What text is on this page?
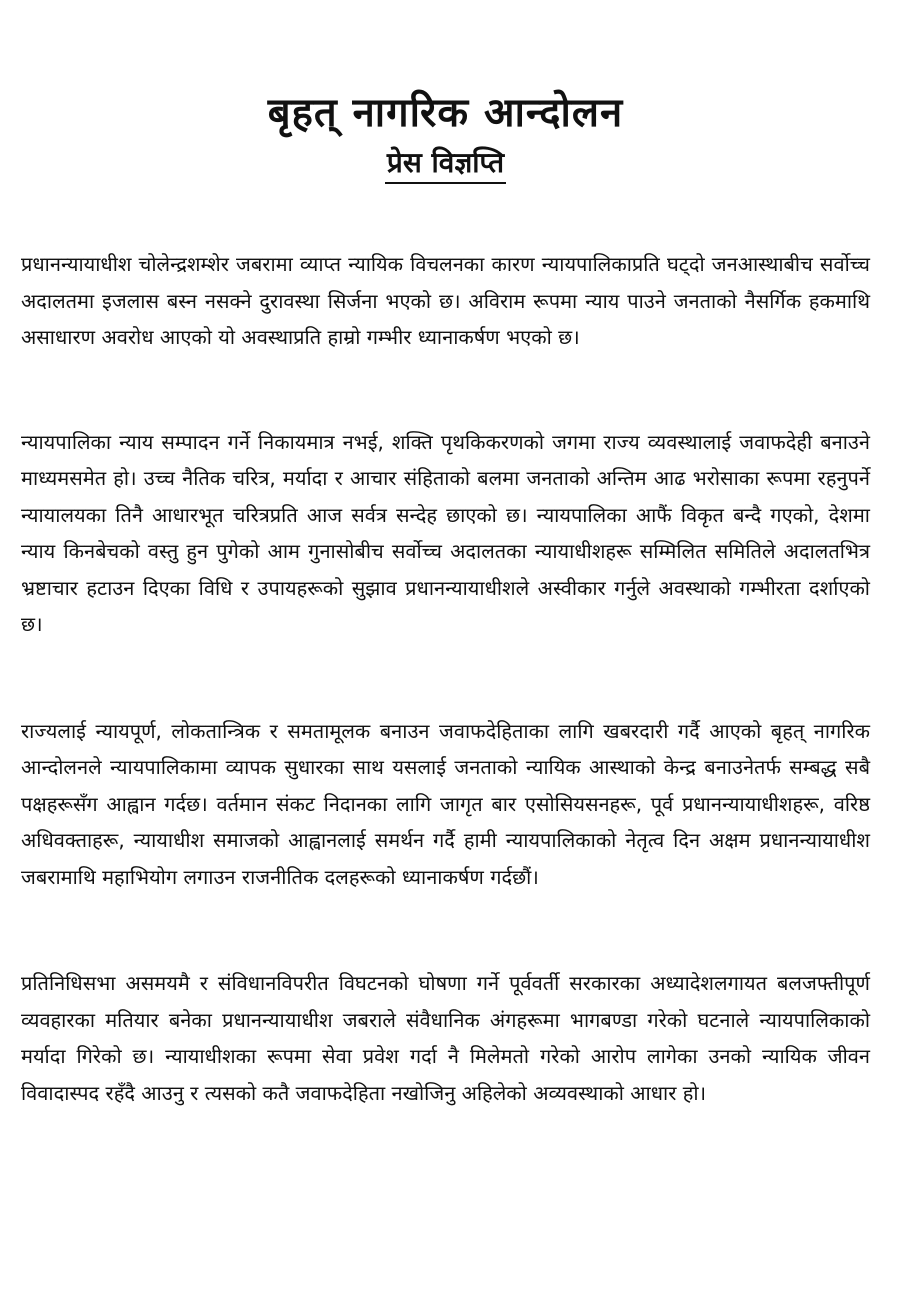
बृहत् नागरिक आन्दोलन
प्रेस विज्ञप्ति

प्रधानन्यायाधीश चोलेन्द्रशम्शेर जबरामा व्याप्त न्यायिक विचलनका कारण न्यायपालिकाप्रति घट्दो जनआस्थाबीच सर्वोच्च अदालतमा इजलास बस्न नसक्ने दुरावस्था सिर्जना भएको छ। अविराम रूपमा न्याय पाउने जनताको नैसर्गिक हकमाथि असाधारण अवरोध आएको यो अवस्थाप्रति हाम्रो गम्भीर ध्यानाकर्षण भएको छ।

न्यायपालिका न्याय सम्पादन गर्ने निकायमात्र नभई, शक्ति पृथकिकरणको जगमा राज्य व्यवस्थालाई जवाफदेही बनाउने माध्यमसमेत हो। उच्च नैतिक चरित्र, मर्यादा र आचार संहिताको बलमा जनताको अन्तिम आढ भरोसाका रूपमा रहनुपर्ने न्यायालयका तिनै आधारभूत चरित्रप्रति आज सर्वत्र सन्देह छाएको छ। न्यायपालिका आफैं विकृत बन्दै गएको, देशमा न्याय किनबेचको वस्तु हुन पुगेको आम गुनासोबीच सर्वोच्च अदालतका न्यायाधीशहरू सम्मिलित समितिले अदालतभित्र भ्रष्टाचार हटाउन दिएका विधि र उपायहरूको सुझाव प्रधानन्यायाधीशले अस्वीकार गर्नुले अवस्थाको गम्भीरता दर्शाएको छ।

राज्यलाई न्यायपूर्ण, लोकतान्त्रिक र समतामूलक बनाउन जवाफदेहिताका लागि खबरदारी गर्दै आएको बृहत् नागरिक आन्दोलनले न्यायपालिकामा व्यापक सुधारका साथ यसलाई जनताको न्यायिक आस्थाको केन्द्र बनाउनेतर्फ सम्बद्ध सबै पक्षहरूसँग आह्वान गर्दछ। वर्तमान संकट निदानका लागि जागृत बार एसोसियसनहरू, पूर्व प्रधानन्यायाधीशहरू, वरिष्ठ अधिवक्ताहरू, न्यायाधीश समाजको आह्वानलाई समर्थन गर्दै हामी न्यायपालिकाको नेतृत्व दिन अक्षम प्रधानन्यायाधीश जबरामाथि महाभियोग लगाउन राजनीतिक दलहरूको ध्यानाकर्षण गर्दछौं।

प्रतिनिधिसभा असमयमै र संविधानविपरीत विघटनको घोषणा गर्ने पूर्ववर्ती सरकारका अध्यादेशलगायत बलजफ्तीपूर्ण व्यवहारका मतियार बनेका प्रधानन्यायाधीश जबराले संवैधानिक अंगहरूमा भागबण्डा गरेको घटनाले न्यायपालिकाको मर्यादा गिरेको छ। न्यायाधीशका रूपमा सेवा प्रवेश गर्दा नै मिलेमतो गरेको आरोप लागेका उनको न्यायिक जीवन विवादास्पद रहँदै आउनु र त्यसको कतै जवाफदेहिता नखोजिनु अहिलेको अव्यवस्थाको आधार हो।
